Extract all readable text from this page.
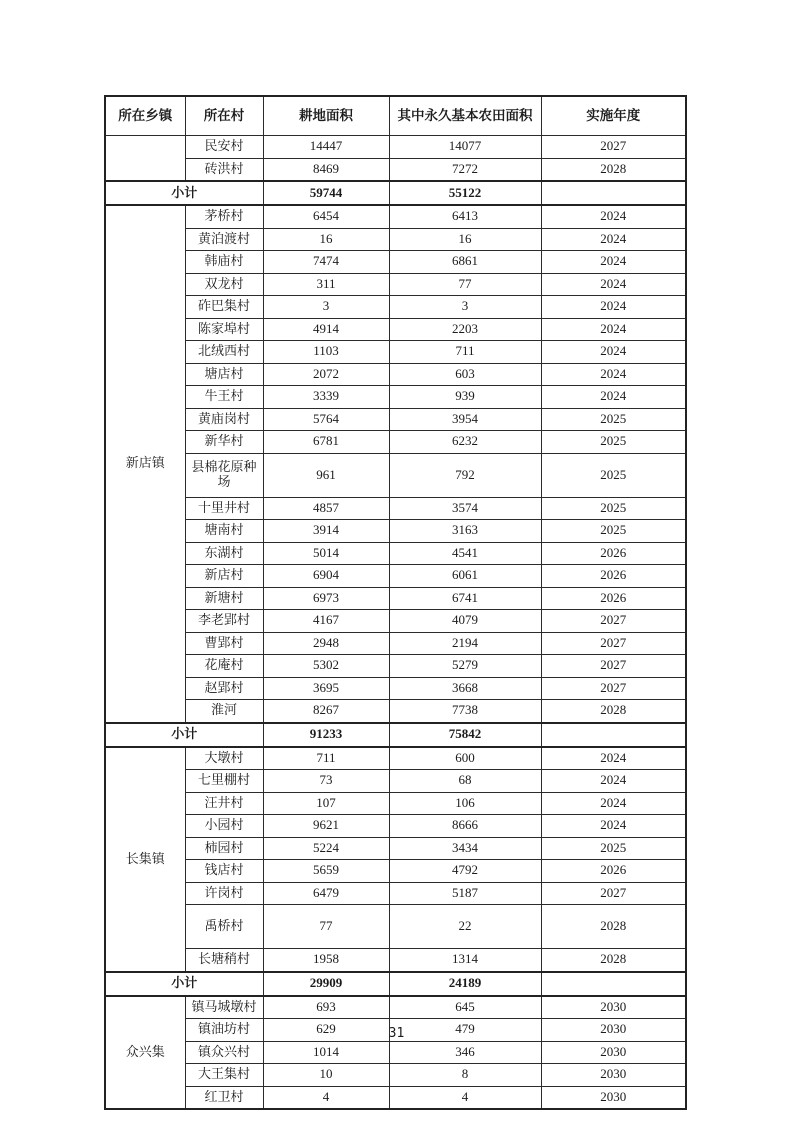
所在乡镇	所在村	耕地面积	其中永久基本农田面积	实施年度
	民安村	14447	14077	2027
	砖洪村	8469	7272	2028
小计		59744	55122	
新店镇	茅桥村	6454	6413	2024
	黄泊渡村	16	16	2024
	韩庙村	7474	6861	2024
	双龙村	311	77	2024
	砟巴集村	3	3	2024
	陈家埠村	4914	2203	2024
	北绒西村	1103	711	2024
	塘店村	2072	603	2024
	牛王村	3339	939	2024
	黄庙岗村	5764	3954	2025
	新华村	6781	6232	2025
	县棉花原种场	961	792	2025
	十里井村	4857	3574	2025
	塘南村	3914	3163	2025
	东湖村	5014	4541	2026
	新店村	6904	6061	2026
	新塘村	6973	6741	2026
	李老郢村	4167	4079	2027
	曹郢村	2948	2194	2027
	花庵村	5302	5279	2027
	赵郢村	3695	3668	2027
	淮河	8267	7738	2028
小计		91233	75842	
长集镇	大墩村	711	600	2024
	七里棚村	73	68	2024
	汪井村	107	106	2024
	小园村	9621	8666	2024
	柿园村	5224	3434	2025
	钱店村	5659	4792	2026
	许岗村	6479	5187	2027
	禹桥村	77	22	2028
	长塘稍村	1958	1314	2028
小计		29909	24189	
众兴集	镇马城墩村	693	645	2030
	镇油坊村	629	479	2030
	镇众兴村	1014	346	2030
	大王集村	10	8	2030
	红卫村	4	4	2030
31
